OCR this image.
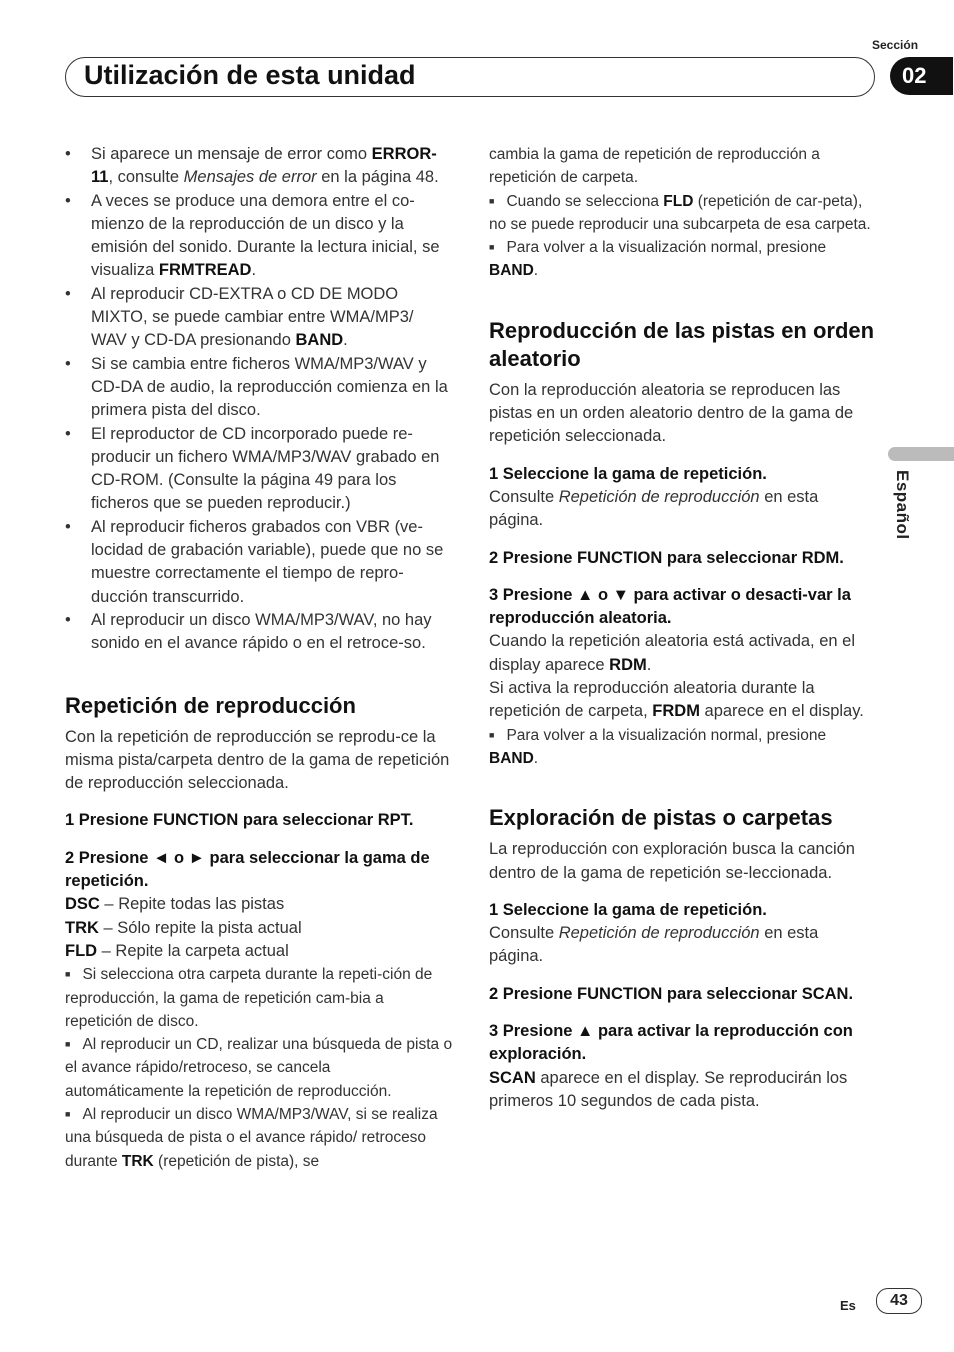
Utilización de esta unidad
Sección
02
Español

• Si aparece un mensaje de error como ERROR-11, consulte Mensajes de error en la página 48.

• A veces se produce una demora entre el co-mienzo de la reproducción de un disco y la emisión del sonido. Durante la lectura inicial, se visualiza FRMTREAD.

• Al reproducir CD-EXTRA o CD DE MODO MIXTO, se puede cambiar entre WMA/MP3/ WAV y CD-DA presionando BAND.

• Si se cambia entre ficheros WMA/MP3/WAV y CD-DA de audio, la reproducción comienza en la primera pista del disco.

• El reproductor de CD incorporado puede re-producir un fichero WMA/MP3/WAV grabado en CD-ROM. (Consulte la página 49 para los ficheros que se pueden reproducir.)

• Al reproducir ficheros grabados con VBR (ve-locidad de grabación variable), puede que no se muestre correctamente el tiempo de repro-ducción transcurrido.

• Al reproducir un disco WMA/MP3/WAV, no hay sonido en el avance rápido o en el retroce-so.

Repetición de reproducción

Con la repetición de reproducción se reprodu-ce la misma pista/carpeta dentro de la gama de repetición de reproducción seleccionada.

1 Presione FUNCTION para seleccionar RPT.

2 Presione ◄ o ► para seleccionar la gama de repetición.

DSC – Repite todas las pistas

TRK – Sólo repite la pista actual

FLD – Repite la carpeta actual

■ Si selecciona otra carpeta durante la repeti-ción de reproducción, la gama de repetición cam-bia a repetición de disco.

■ Al reproducir un CD, realizar una búsqueda de pista o el avance rápido/retroceso, se cancela automáticamente la repetición de reproducción.

■ Al reproducir un disco WMA/MP3/WAV, si se realiza una búsqueda de pista o el avance rápido/ retroceso durante TRK (repetición de pista), se

cambia la gama de repetición de reproducción a repetición de carpeta.

■ Cuando se selecciona FLD (repetición de car-peta), no se puede reproducir una subcarpeta de esa carpeta.

■ Para volver a la visualización normal, presione BAND.

Reproducción de las pistas en orden aleatorio

Con la reproducción aleatoria se reproducen las pistas en un orden aleatorio dentro de la gama de repetición seleccionada.

1 Seleccione la gama de repetición.

Consulte Repetición de reproducción en esta página.

2 Presione FUNCTION para seleccionar RDM.

3 Presione ▲ o ▼ para activar o desacti-var la reproducción aleatoria.

Cuando la repetición aleatoria está activada, en el display aparece RDM.

Si activa la reproducción aleatoria durante la repetición de carpeta, FRDM aparece en el display.

■ Para volver a la visualización normal, presione BAND.

Exploración de pistas o carpetas

La reproducción con exploración busca la canción dentro de la gama de repetición se-leccionada.

1 Seleccione la gama de repetición.

Consulte Repetición de reproducción en esta página.

2 Presione FUNCTION para seleccionar SCAN.

3 Presione ▲ para activar la reproducción con exploración.

SCAN aparece en el display. Se reproducirán los primeros 10 segundos de cada pista.

Es	43
